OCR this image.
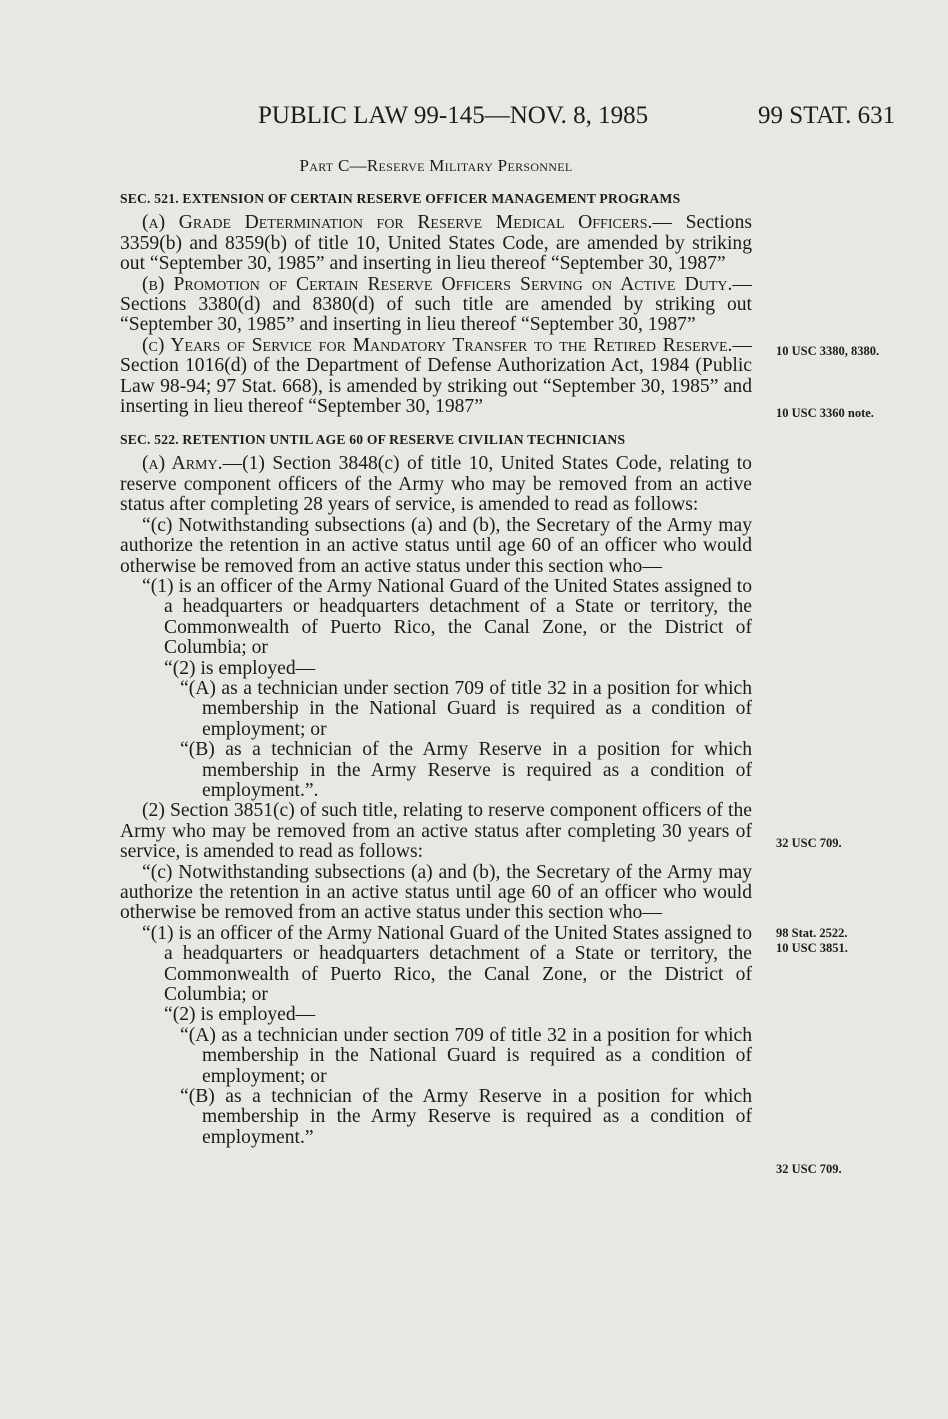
PUBLIC LAW 99-145—NOV. 8, 1985	99 STAT. 631
Part C—Reserve Military Personnel
SEC. 521. EXTENSION OF CERTAIN RESERVE OFFICER MANAGEMENT PROGRAMS

(a) Grade Determination for Reserve Medical Officers.— Sections 3359(b) and 8359(b) of title 10, United States Code, are amended by striking out “September 30, 1985” and inserting in lieu thereof “September 30, 1987”

(b) Promotion of Certain Reserve Officers Serving on Active Duty.—Sections 3380(d) and 8380(d) of such title are amended by striking out “September 30, 1985” and inserting in lieu thereof “September 30, 1987”

(c) Years of Service for Mandatory Transfer to the Retired Reserve.—Section 1016(d) of the Department of Defense Authorization Act, 1984 (Public Law 98-94; 97 Stat. 668), is amended by striking out “September 30, 1985” and inserting in lieu thereof “September 30, 1987”

SEC. 522. RETENTION UNTIL AGE 60 OF RESERVE CIVILIAN TECHNICIANS

(a) Army.—(1) Section 3848(c) of title 10, United States Code, relating to reserve component officers of the Army who may be removed from an active status after completing 28 years of service, is amended to read as follows:

“(c) Notwithstanding subsections (a) and (b), the Secretary of the Army may authorize the retention in an active status until age 60 of an officer who would otherwise be removed from an active status under this section who—

“(1) is an officer of the Army National Guard of the United States assigned to a headquarters or headquarters detachment of a State or territory, the Commonwealth of Puerto Rico, the Canal Zone, or the District of Columbia; or

“(2) is employed—

“(A) as a technician under section 709 of title 32 in a position for which membership in the National Guard is required as a condition of employment; or

“(B) as a technician of the Army Reserve in a position for which membership in the Army Reserve is required as a condition of employment.”.

(2) Section 3851(c) of such title, relating to reserve component officers of the Army who may be removed from an active status after completing 30 years of service, is amended to read as follows:

“(c) Notwithstanding subsections (a) and (b), the Secretary of the Army may authorize the retention in an active status until age 60 of an officer who would otherwise be removed from an active status under this section who—

“(1) is an officer of the Army National Guard of the United States assigned to a headquarters or headquarters detachment of a State or territory, the Commonwealth of Puerto Rico, the Canal Zone, or the District of Columbia; or

“(2) is employed—

“(A) as a technician under section 709 of title 32 in a position for which membership in the National Guard is required as a condition of employment; or

“(B) as a technician of the Army Reserve in a position for which membership in the Army Reserve is required as a condition of employment.”

10 USC 3380, 8380.
10 USC 3360 note.
32 USC 709.
98 Stat. 2522.
10 USC 3851.
32 USC 709.
